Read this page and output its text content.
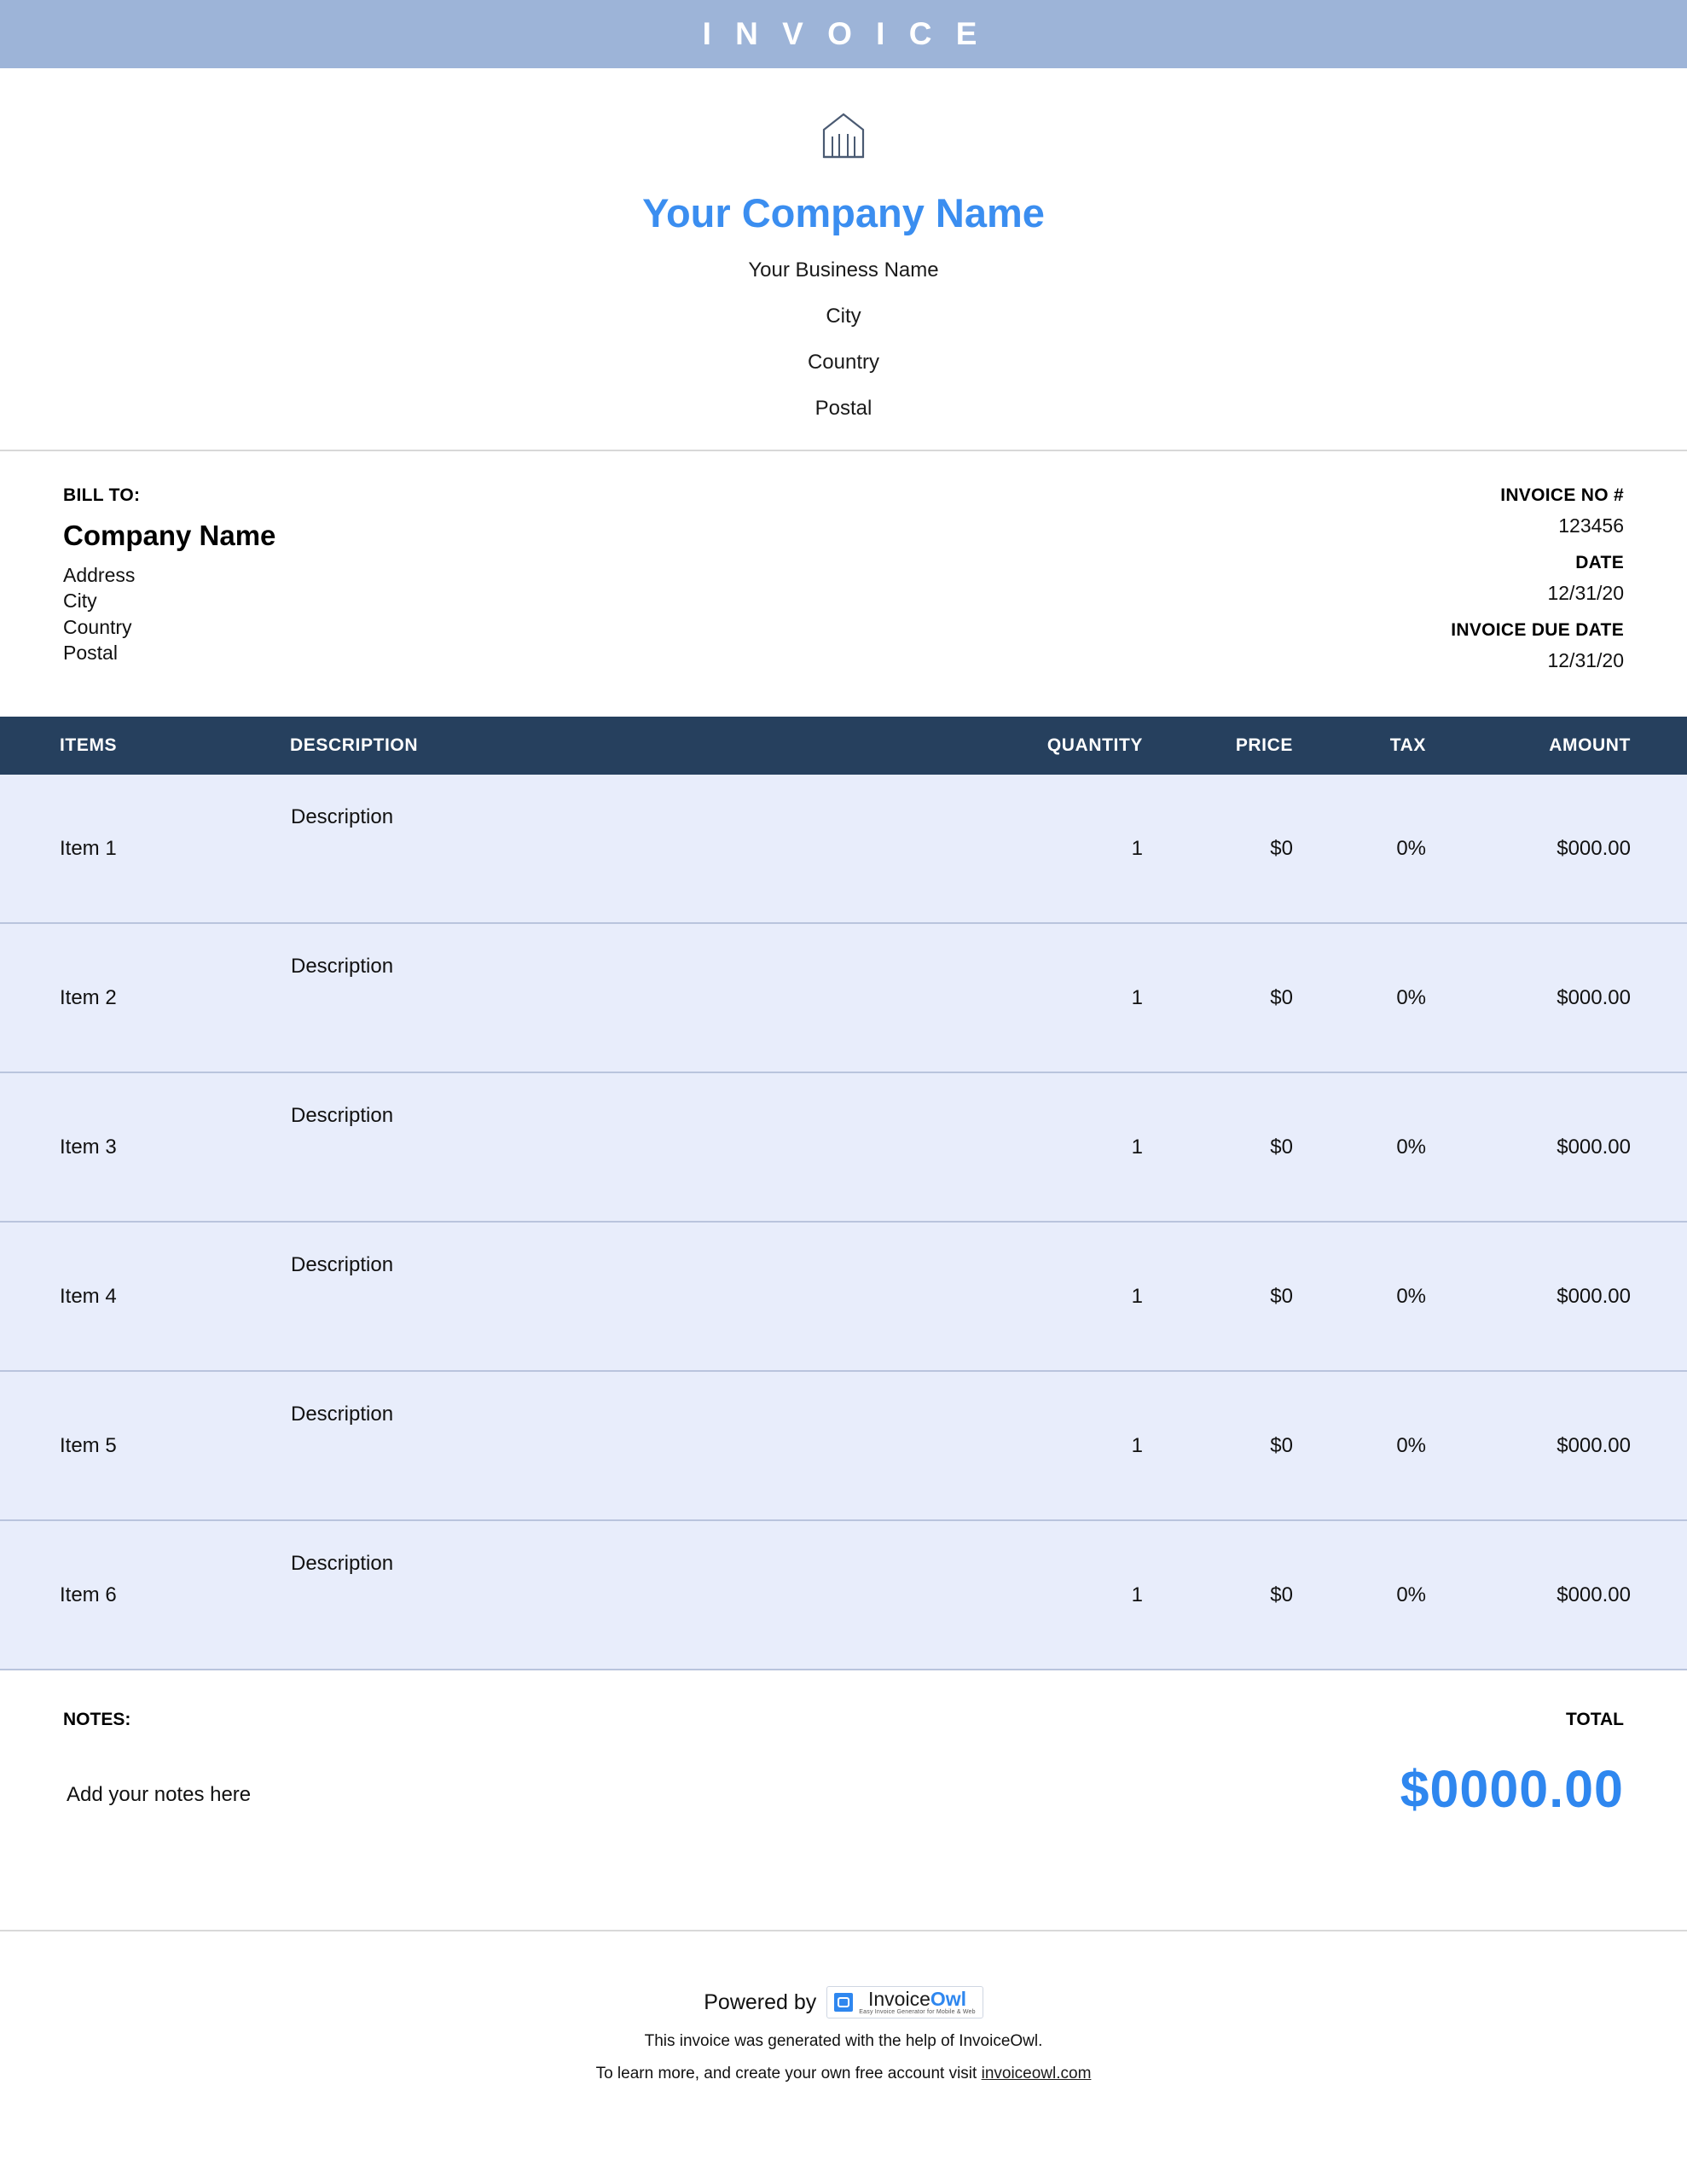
I N V O I C E
Your Company Name
Your Business Name
City
Country
Postal
BILL TO:
Company Name
Address
City
Country
Postal
INVOICE NO #
123456
DATE
12/31/20
INVOICE DUE DATE
12/31/20
ITEMS	DESCRIPTION	QUANTITY	PRICE	TAX	AMOUNT
Item 1	Description	1	$0	0%	$000.00
Item 2	Description	1	$0	0%	$000.00
Item 3	Description	1	$0	0%	$000.00
Item 4	Description	1	$0	0%	$000.00
Item 5	Description	1	$0	0%	$000.00
Item 6	Description	1	$0	0%	$000.00
NOTES:
Add your notes here
TOTAL
$0000.00
Powered by	InvoiceOwl
Easy Invoice Generator for Mobile & Web
This invoice was generated with the help of InvoiceOwl.
To learn more, and create your own free account visit invoiceowl.com
